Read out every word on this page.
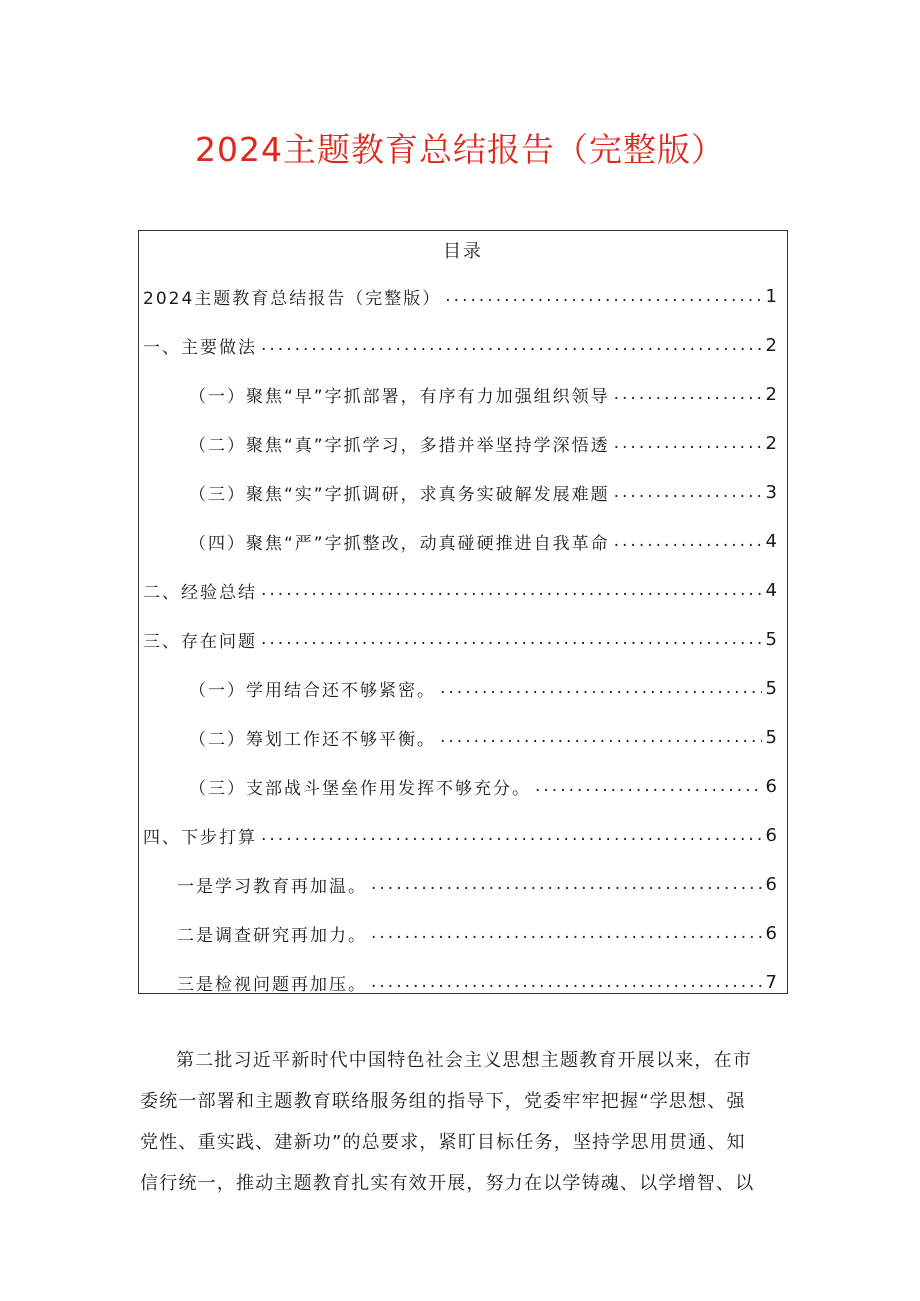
2024主题教育总结报告（完整版）
目录
2024主题教育总结报告（完整版） .....	1
一、主要做法 .....	2
（一）聚焦“早”字抓部署，有序有力加强组织领导 .....	2
（二）聚焦“真”字抓学习，多措并举坚持学深悟透 .....	2
（三）聚焦“实”字抓调研，求真务实破解发展难题 .....	3
（四）聚焦“严”字抓整改，动真碰硬推进自我革命 .....	4
二、经验总结 .....	4
三、存在问题 .....	5
（一）学用结合还不够紧密。 .....	5
（二）筹划工作还不够平衡。 .....	5
（三）支部战斗堡垒作用发挥不够充分。 .....	6
四、下步打算 .....	6
一是学习教育再加温。 .....	6
二是调查研究再加力。 .....	6
三是检视问题再加压。 .....	7
第二批习近平新时代中国特色社会主义思想主题教育开展以来，在市
委统一部署和主题教育联络服务组的指导下，党委牢牢把握“学思想、强
党性、重实践、建新功”的总要求，紧盯目标任务，坚持学思用贯通、知
信行统一，推动主题教育扎实有效开展，努力在以学铸魂、以学增智、以
